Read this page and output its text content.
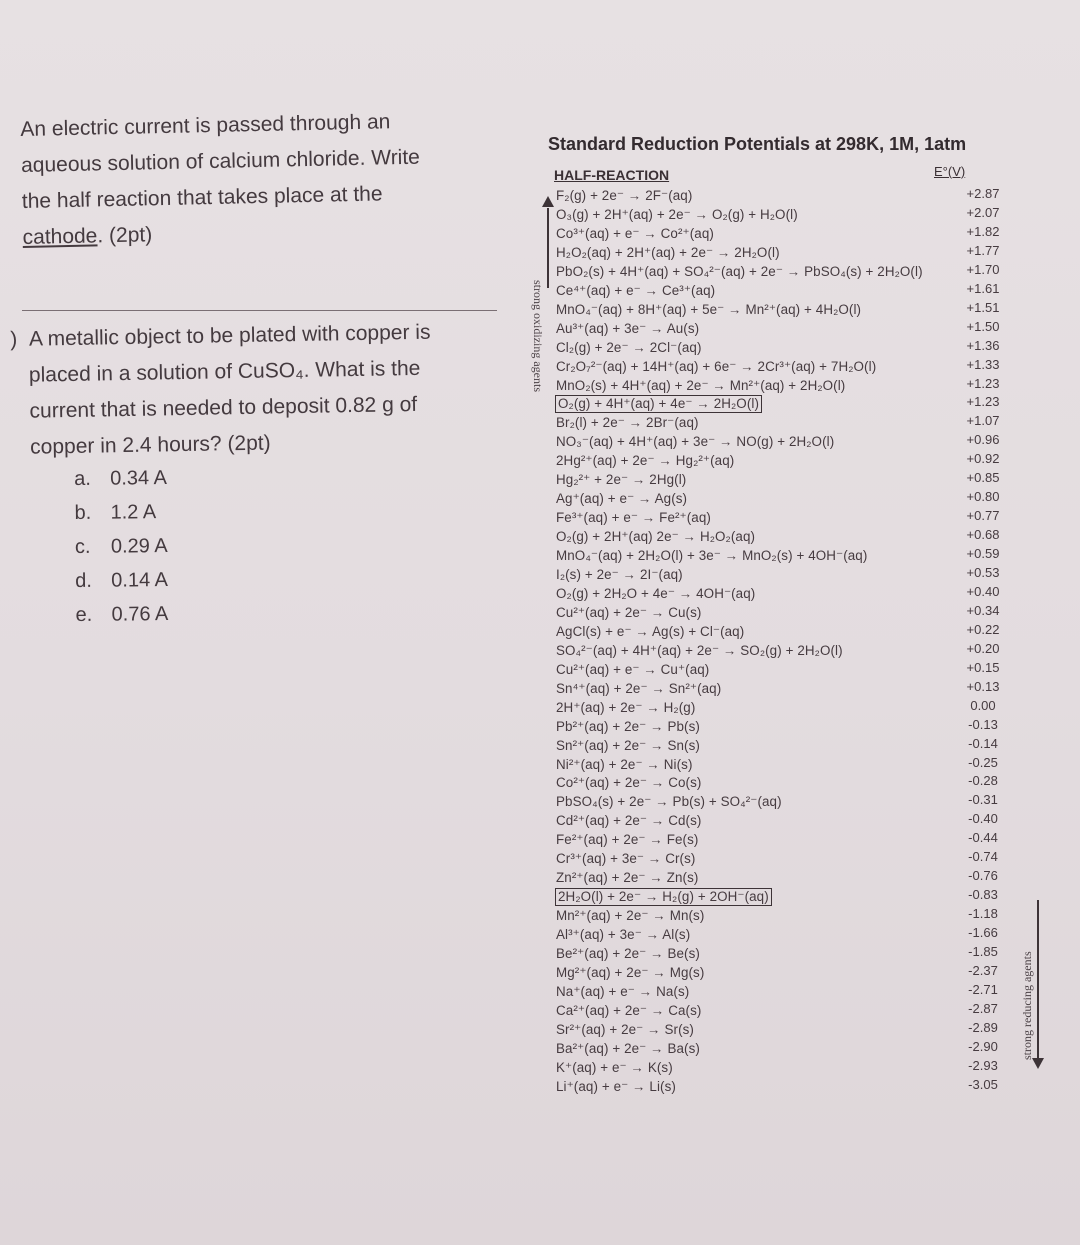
An electric current is passed through an
aqueous solution of calcium chloride. Write
the half reaction that takes place at the
cathode. (2pt)
) A metallic object to be plated with copper is
placed in a solution of CuSO₄. What is the
current that is needed to deposit 0.82 g of
copper in 2.4 hours? (2pt)
a. 0.34 A
b. 1.2 A
c. 0.29 A
d. 0.14 A
e. 0.76 A
Standard Reduction Potentials at 298K, 1M, 1atm
HALF-REACTION	E°(V)
F₂(g) + 2e⁻ → 2F⁻(aq)	+2.87
O₃(g) + 2H⁺(aq) + 2e⁻ → O₂(g) + H₂O(l)	+2.07
Co³⁺(aq) + e⁻ → Co²⁺(aq)	+1.82
H₂O₂(aq) + 2H⁺(aq) + 2e⁻ → 2H₂O(l)	+1.77
PbO₂(s) + 4H⁺(aq) + SO₄²⁻(aq) + 2e⁻ → PbSO₄(s) + 2H₂O(l)	+1.70
Ce⁴⁺(aq) + e⁻ → Ce³⁺(aq)	+1.61
MnO₄⁻(aq) + 8H⁺(aq) + 5e⁻ → Mn²⁺(aq) + 4H₂O(l)	+1.51
Au³⁺(aq) + 3e⁻ → Au(s)	+1.50
Cl₂(g) + 2e⁻ → 2Cl⁻(aq)	+1.36
Cr₂O₇²⁻(aq) + 14H⁺(aq) + 6e⁻ → 2Cr³⁺(aq) + 7H₂O(l)	+1.33
MnO₂(s) + 4H⁺(aq) + 2e⁻ → Mn²⁺(aq) + 2H₂O(l)	+1.23
O₂(g) + 4H⁺(aq) + 4e⁻ → 2H₂O(l)	+1.23
Br₂(l) + 2e⁻ → 2Br⁻(aq)	+1.07
NO₃⁻(aq) + 4H⁺(aq) + 3e⁻ → NO(g) + 2H₂O(l)	+0.96
2Hg²⁺(aq) + 2e⁻ → Hg₂²⁺(aq)	+0.92
Hg₂²⁺ + 2e⁻ → 2Hg(l)	+0.85
Ag⁺(aq) + e⁻ → Ag(s)	+0.80
Fe³⁺(aq) + e⁻ → Fe²⁺(aq)	+0.77
O₂(g) + 2H⁺(aq) 2e⁻ → H₂O₂(aq)	+0.68
MnO₄⁻(aq) + 2H₂O(l) + 3e⁻ → MnO₂(s) + 4OH⁻(aq)	+0.59
I₂(s) + 2e⁻ → 2I⁻(aq)	+0.53
O₂(g) + 2H₂O + 4e⁻ → 4OH⁻(aq)	+0.40
Cu²⁺(aq) + 2e⁻ → Cu(s)	+0.34
AgCl(s) + e⁻ → Ag(s) + Cl⁻(aq)	+0.22
SO₄²⁻(aq) + 4H⁺(aq) + 2e⁻ → SO₂(g) + 2H₂O(l)	+0.20
Cu²⁺(aq) + e⁻ → Cu⁺(aq)	+0.15
Sn⁴⁺(aq) + 2e⁻ → Sn²⁺(aq)	+0.13
2H⁺(aq) + 2e⁻ → H₂(g)	0.00
Pb²⁺(aq) + 2e⁻ → Pb(s)	-0.13
Sn²⁺(aq) + 2e⁻ → Sn(s)	-0.14
Ni²⁺(aq) + 2e⁻ → Ni(s)	-0.25
Co²⁺(aq) + 2e⁻ → Co(s)	-0.28
PbSO₄(s) + 2e⁻ → Pb(s) + SO₄²⁻(aq)	-0.31
Cd²⁺(aq) + 2e⁻ → Cd(s)	-0.40
Fe²⁺(aq) + 2e⁻ → Fe(s)	-0.44
Cr³⁺(aq) + 3e⁻ → Cr(s)	-0.74
Zn²⁺(aq) + 2e⁻ → Zn(s)	-0.76
2H₂O(l) + 2e⁻ → H₂(g) + 2OH⁻(aq)	-0.83
Mn²⁺(aq) + 2e⁻ → Mn(s)	-1.18
Al³⁺(aq) + 3e⁻ → Al(s)	-1.66
Be²⁺(aq) + 2e⁻ → Be(s)	-1.85
Mg²⁺(aq) + 2e⁻ → Mg(s)	-2.37
Na⁺(aq) + e⁻ → Na(s)	-2.71
Ca²⁺(aq) + 2e⁻ → Ca(s)	-2.87
Sr²⁺(aq) + 2e⁻ → Sr(s)	-2.89
Ba²⁺(aq) + 2e⁻ → Ba(s)	-2.90
K⁺(aq) + e⁻ → K(s)	-2.93
Li⁺(aq) + e⁻ → Li(s)	-3.05
strong oxidizing agents
strong reducing agents
